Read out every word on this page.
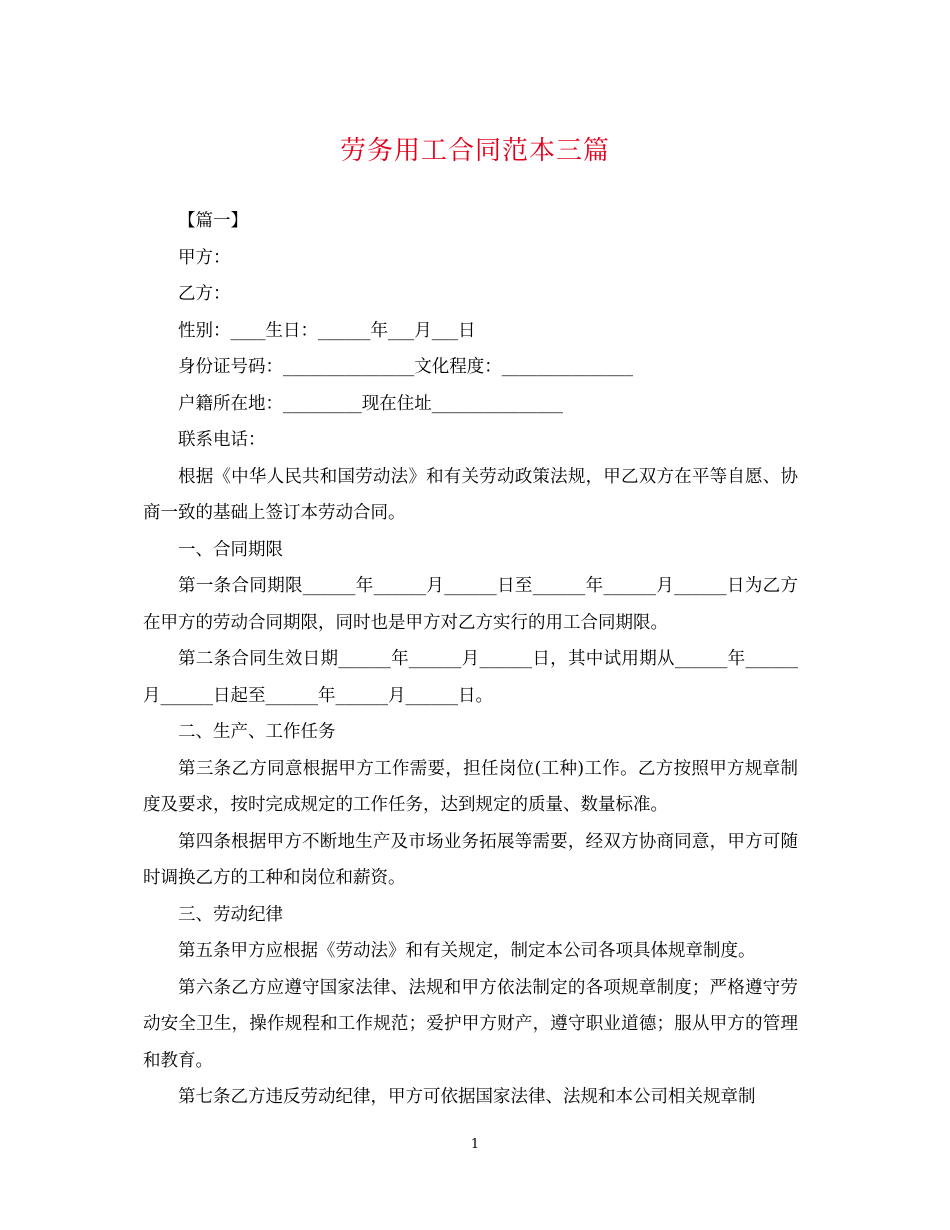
劳务用工合同范本三篇
【篇一】
甲方：
乙方：
性别：____生日：______年___月___日
身份证号码：_______________文化程度：_______________
户籍所在地：_________现在住址_______________
联系电话：
根据《中华人民共和国劳动法》和有关劳动政策法规，甲乙双方在平等自愿、协商一致的基础上签订本劳动合同。
一、合同期限
第一条合同期限______年______月______日至______年______月______日为乙方在甲方的劳动合同期限，同时也是甲方对乙方实行的用工合同期限。
第二条合同生效日期______年______月______日，其中试用期从______年______月______日起至______年______月______日。
二、生产、工作任务
第三条乙方同意根据甲方工作需要，担任岗位(工种)工作。乙方按照甲方规章制度及要求，按时完成规定的工作任务，达到规定的质量、数量标准。
第四条根据甲方不断地生产及市场业务拓展等需要，经双方协商同意，甲方可随时调换乙方的工种和岗位和薪资。
三、劳动纪律
第五条甲方应根据《劳动法》和有关规定，制定本公司各项具体规章制度。
第六条乙方应遵守国家法律、法规和甲方依法制定的各项规章制度；严格遵守劳动安全卫生，操作规程和工作规范；爱护甲方财产，遵守职业道德；服从甲方的管理和教育。
第七条乙方违反劳动纪律，甲方可依据国家法律、法规和本公司相关规章制
1
